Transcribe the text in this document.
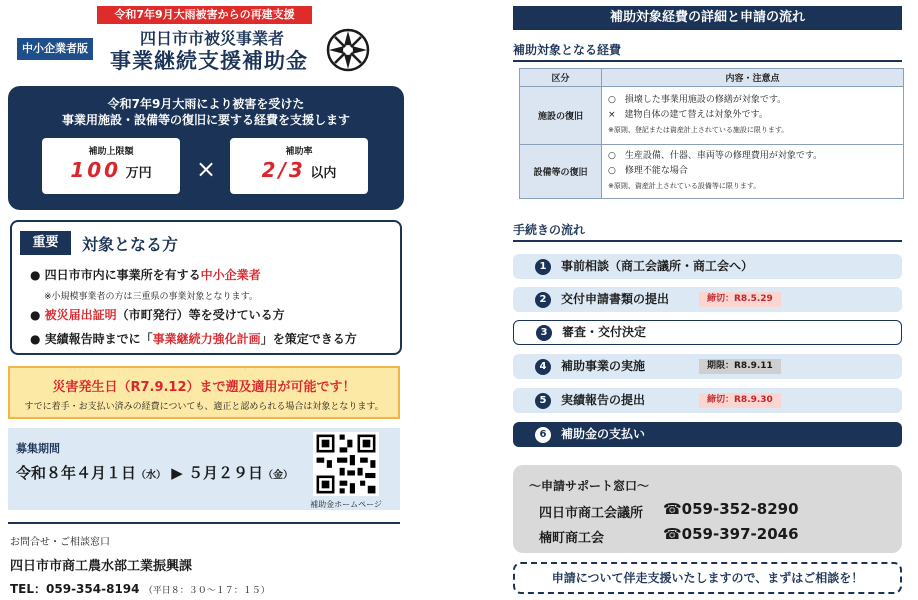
令和7年9月大雨被害からの再建支援
中小企業者版
四日市市被災事業者
事業継続支援補助金
令和7年9月大雨により被害を受けた
事業用施設・設備等の復旧に要する経費を支援します
補助上限額
100 万円
補助率
2/3 以内
×
重要	対象となる方
● 四日市市内に事業所を有する中小企業者
※小規模事業者の方は三重県の事業対象となります。
● 被災届出証明（市町発行）等を受けている方
● 実績報告時までに「事業継続力強化計画」を策定できる方
災害発生日（R7.9.12）まで遡及適用が可能です！
すでに着手・お支払い済みの経費についても、適正と認められる場合は対象となります。
募集期間
令和８年４月１日（水） ▶ ５月２９日（金）
補助金ホームページ
お問合せ・ご相談窓口
四日市市商工農水部工業振興課
TEL：059-354-8194 （平日８：３０～１７：１５）
補助対象経費の詳細と申請の流れ
補助対象となる経費
区分	内容・注意点
施設の復旧	○　損壊した事業用施設の修繕が対象です。
×　建物自体の建て替えは対象外です。
※原則、登記または資産計上されている施設に限ります。

設備等の復旧	○　生産設備、什器、車両等の修理費用が対象です。
○　修理不能な場合
※原則、資産計上されている設備等に限ります。
手続きの流れ
1 事前相談（商工会議所・商工会へ）
2 交付申請書類の提出	締切：R8.5.29
3 審査・交付決定
4 補助事業の実施	期限：R8.9.11
5 実績報告の提出	締切：R8.9.30
6 補助金の支払い
～申請サポート窓口～
四日市商工会議所 ☎059-352-8290
楠町商工会	☎059-397-2046
申請について伴走支援いたしますので、まずはご相談を！
